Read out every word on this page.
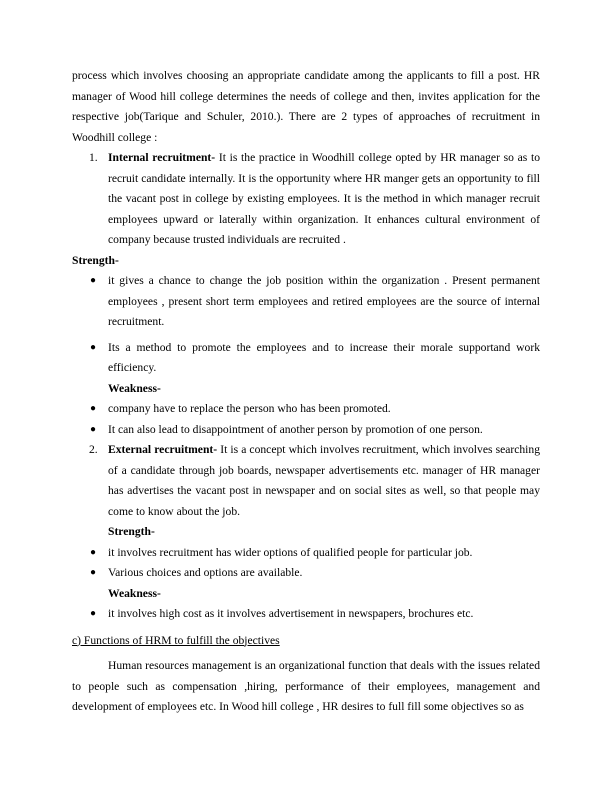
process which involves choosing an appropriate candidate among the applicants to fill a post. HR manager of Wood hill college determines the needs of college and then, invites application for the respective job(Tarique and Schuler, 2010.). There are 2 types of approaches of recruitment in Woodhill college :

1. Internal recruitment- It is the practice in Woodhill college opted by HR manager so as to recruit candidate internally. It is the opportunity where HR manger gets an opportunity to fill the vacant post in college by existing employees. It is the method in which manager recruit employees upward or laterally within organization. It enhances cultural environment of company because trusted individuals are recruited .

Strength-

●	it gives a chance to change the job position within the organization . Present permanent employees , present short term employees and retired employees are the source of internal recruitment.
●	Its a method to promote the employees and to increase their morale supportand work efficiency.

Weakness-

●	company have to replace the person who has been promoted.
●	It can also lead to disappointment of another person by promotion of one person.
2. External recruitment- It is a concept which involves recruitment, which involves searching of a candidate through job boards, newspaper advertisements etc. manager of HR manager has advertises the vacant post in newspaper and on social sites as well, so that people may come to know about the job.

Strength-

●	it involves recruitment has wider options of qualified people for particular job.
●	Various choices and options are available.

Weakness-

●	it involves high cost as it involves advertisement in newspapers, brochures etc.

c) Functions of HRM to fulfill the objectives

Human resources management is an organizational function that deals with the issues related to people such as compensation ,hiring, performance of their employees, management and development of employees etc. In Wood hill college , HR desires to full fill some objectives so as
